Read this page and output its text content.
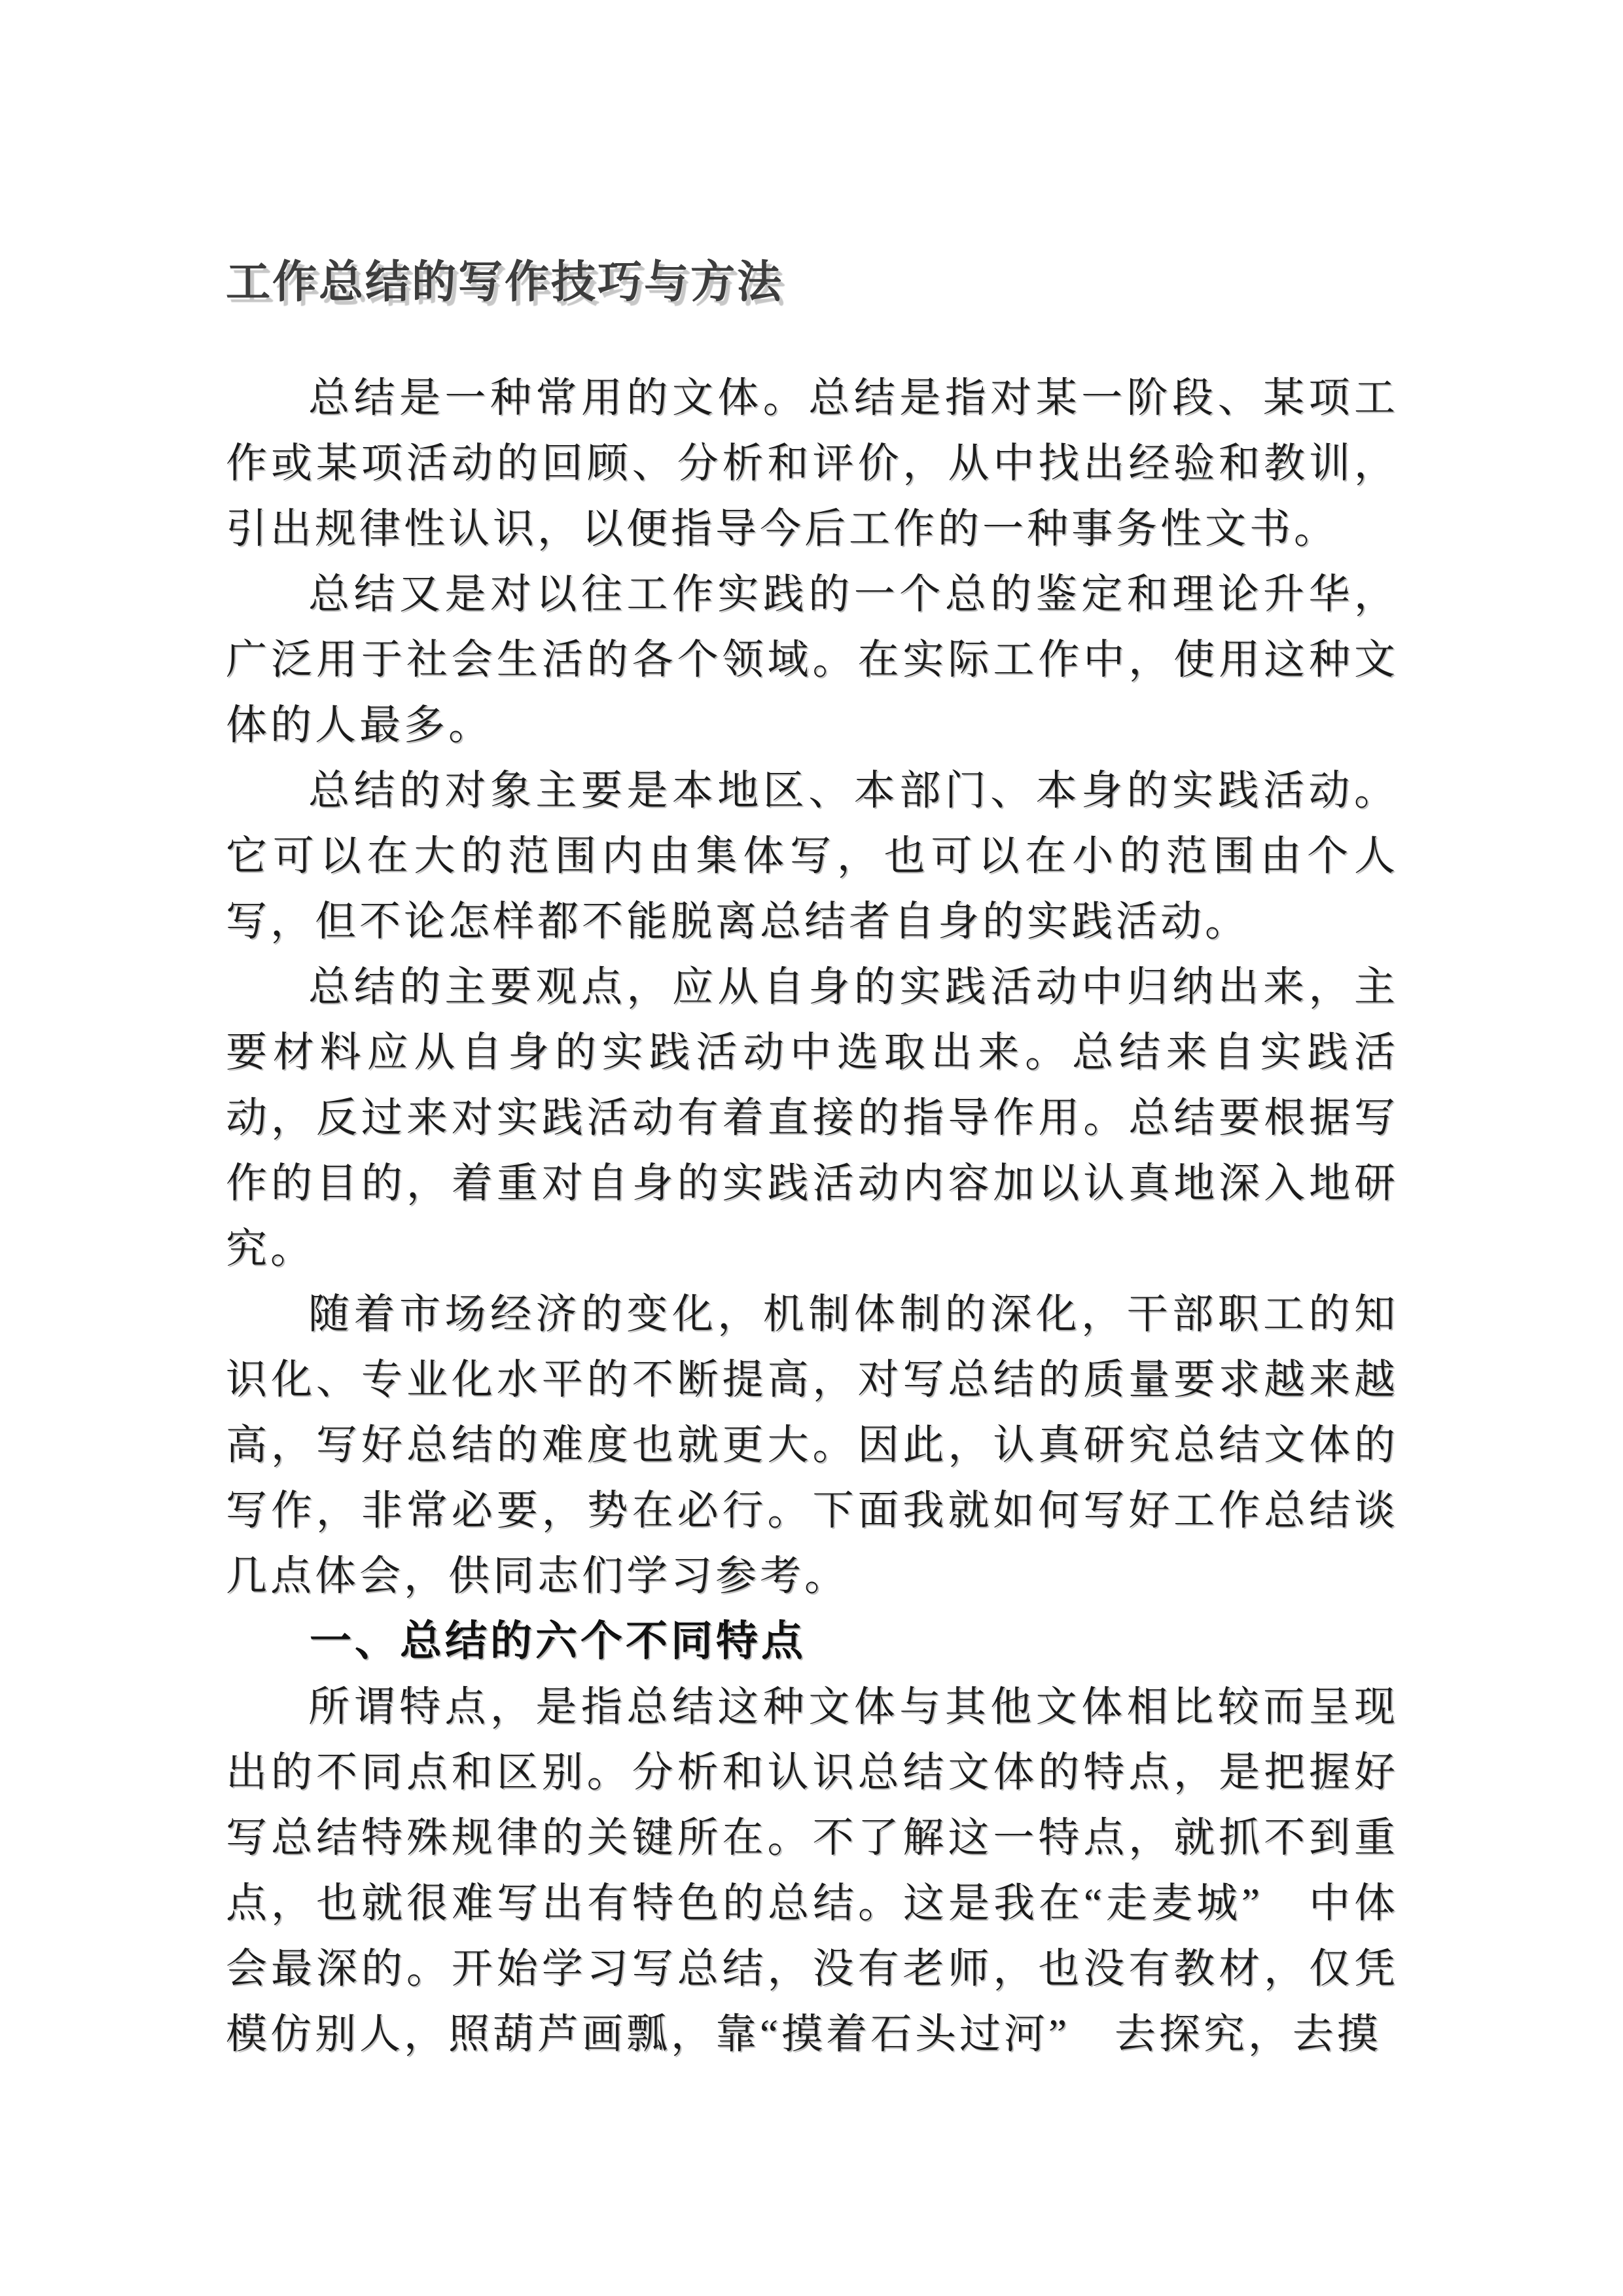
工作总结的写作技巧与方法

总结是一种常用的文体。总结是指对某一阶段、某项工作或某项活动的回顾、分析和评价，从中找出经验和教训，引出规律性认识，以便指导今后工作的一种事务性文书。

总结又是对以往工作实践的一个总的鉴定和理论升华，广泛用于社会生活的各个领域。在实际工作中，使用这种文体的人最多。

总结的对象主要是本地区、本部门、本身的实践活动。它可以在大的范围内由集体写，也可以在小的范围由个人写，但不论怎样都不能脱离总结者自身的实践活动。

总结的主要观点，应从自身的实践活动中归纳出来，主要材料应从自身的实践活动中选取出来。总结来自实践活动，反过来对实践活动有着直接的指导作用。总结要根据写作的目的，着重对自身的实践活动内容加以认真地深入地研究。

随着市场经济的变化，机制体制的深化，干部职工的知识化、专业化水平的不断提高，对写总结的质量要求越来越高，写好总结的难度也就更大。因此，认真研究总结文体的写作，非常必要，势在必行。下面我就如何写好工作总结谈几点体会，供同志们学习参考。

一、总结的六个不同特点

所谓特点，是指总结这种文体与其他文体相比较而呈现出的不同点和区别。分析和认识总结文体的特点，是把握好写总结特殊规律的关键所在。不了解这一特点，就抓不到重点，也就很难写出有特色的总结。这是我在“走麦城”　中体会最深的。开始学习写总结，没有老师，也没有教材，仅凭模仿别人，照葫芦画瓢，靠“摸着石头过河”　去探究，去摸
